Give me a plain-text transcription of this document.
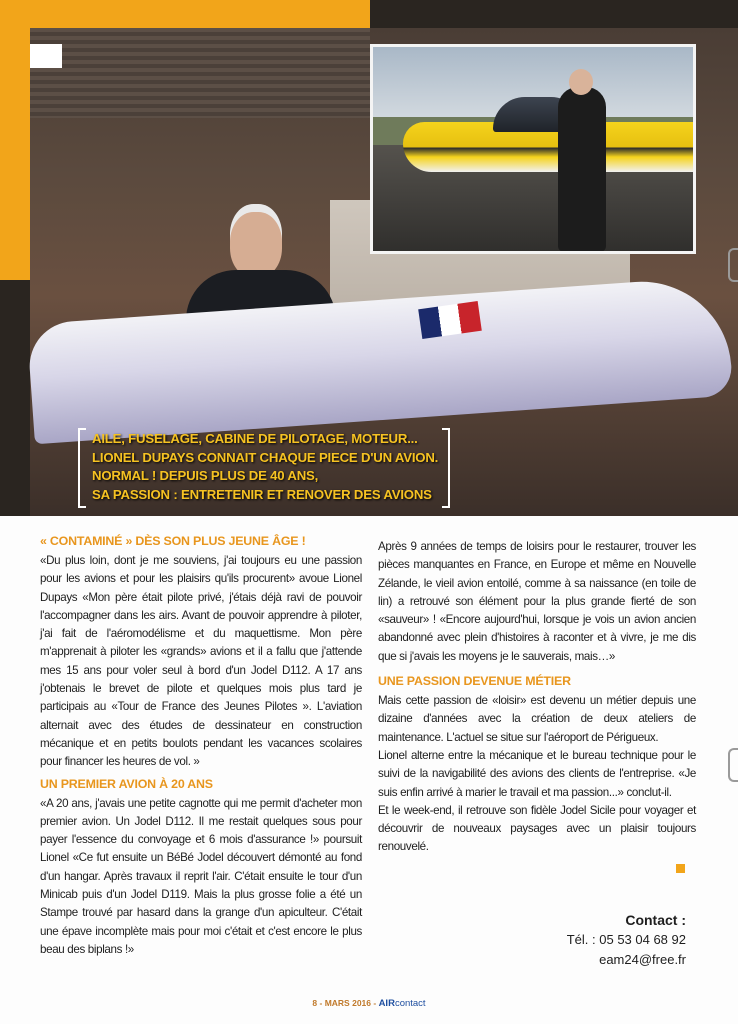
AILE, FUSELAGE, CABINE DE PILOTAGE, MOTEUR...
LIONEL DUPAYS CONNAIT CHAQUE PIECE D'UN AVION.
NORMAL ! DEPUIS PLUS DE 40 ANS,
SA PASSION : ENTRETENIR ET RENOVER DES AVIONS
« CONTAMINÉ » DÈS SON PLUS JEUNE ÂGE !

«Du plus loin, dont je me souviens, j'ai toujours eu une passion pour les avions et pour les plaisirs qu'ils procurent» avoue Lionel Dupays «Mon père était pilote privé, j'étais déjà ravi de pouvoir l'accompagner dans les airs. Avant de pouvoir apprendre à piloter, j'ai fait de l'aéromodélisme et du maquettisme. Mon père m'apprenait à piloter les «grands» avions et il a fallu que j'attende mes 15 ans pour voler seul à bord d'un Jodel D112. A 17 ans j'obtenais le brevet de pilote et quelques mois plus tard je participais au «Tour de France des Jeunes Pilotes ». L'aviation alternait avec des études de dessinateur en construction mécanique et en petits boulots pendant les vacances scolaires pour financer les heures de vol. »

UN PREMIER AVION À 20 ANS

«A 20 ans, j'avais une petite cagnotte qui me permit d'acheter mon premier avion. Un Jodel D112. Il me restait quelques sous pour payer l'essence du convoyage et 6 mois d'assurance !» poursuit Lionel «Ce fut ensuite un BéBé Jodel découvert démonté au fond d'un hangar. Après travaux il reprit l'air. C'était ensuite le tour d'un Minicab puis d'un Jodel D119. Mais la plus grosse folie a été un Stampe trouvé par hasard dans la grange d'un apiculteur. C'était une épave incomplète mais pour moi c'était et c'est encore le plus beau des biplans !»

Après 9 années de temps de loisirs pour le restaurer, trouver les pièces manquantes en France, en Europe et même en Nouvelle Zélande, le vieil avion entoilé, comme à sa naissance (en toile de lin) a retrouvé son élément pour la plus grande fierté de son «sauveur» ! «Encore aujourd'hui, lorsque je vois un avion ancien abandonné avec plein d'histoires à raconter et à vivre, je me dis que si j'avais les moyens je le sauverais, mais…»

UNE PASSION DEVENUE MÉTIER

Mais cette passion de «loisir» est devenu un métier depuis une dizaine d'années avec la création de deux ateliers de maintenance. L'actuel se situe sur l'aéroport de Périgueux.

Lionel alterne entre la mécanique et le bureau technique pour le suivi de la navigabilité des avions des clients de l'entreprise. «Je suis enfin arrivé à marier le travail et ma passion...» conclut-il.

Et le week-end, il retrouve son fidèle Jodel Sicile pour voyager et découvrir de nouveaux paysages avec un plaisir toujours renouvelé.

Contact :
Tél. : 05 53 04 68 92
eam24@free.fr
8 - MARS 2016 - AIRcontact
